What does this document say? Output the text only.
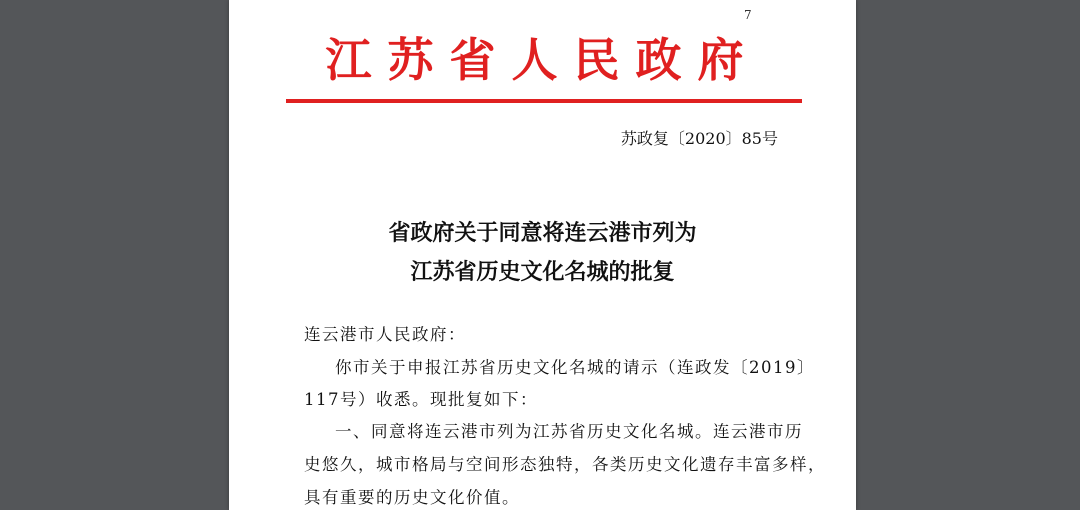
7
江苏省人民政府
苏政复〔2020〕85号
省政府关于同意将连云港市列为
江苏省历史文化名城的批复
连云港市人民政府：
你市关于申报江苏省历史文化名城的请示（连政发〔2019〕
117号）收悉。现批复如下：
一、同意将连云港市列为江苏省历史文化名城。连云港市历
史悠久，城市格局与空间形态独特，各类历史文化遗存丰富多样，
具有重要的历史文化价值。
